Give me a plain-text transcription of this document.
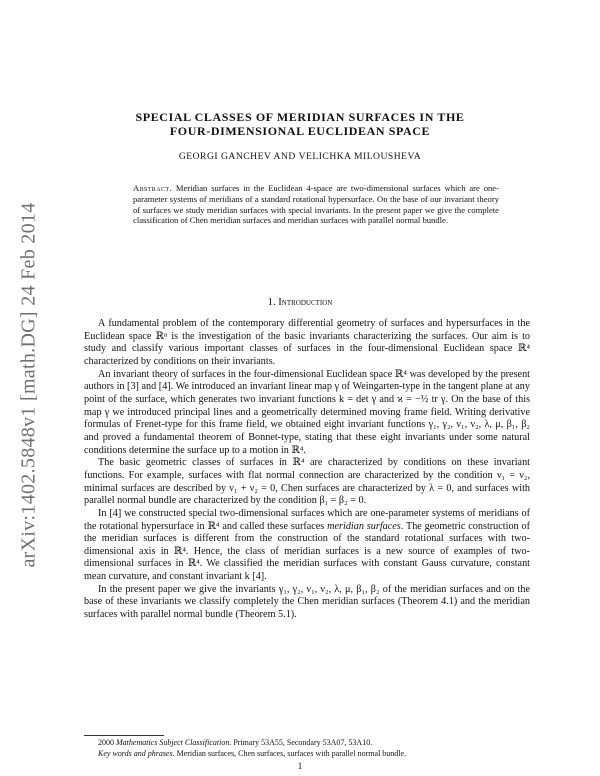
arXiv:1402.5848v1 [math.DG] 24 Feb 2014
SPECIAL CLASSES OF MERIDIAN SURFACES IN THE
FOUR-DIMENSIONAL EUCLIDEAN SPACE
GEORGI GANCHEV AND VELICHKA MILOUSHEVA
Abstract. Meridian surfaces in the Euclidean 4-space are two-dimensional surfaces which are one-parameter systems of meridians of a standard rotational hypersurface. On the base of our invariant theory of surfaces we study meridian surfaces with special invariants. In the present paper we give the complete classification of Chen meridian surfaces and meridian surfaces with parallel normal bundle.
1. Introduction

A fundamental problem of the contemporary differential geometry of surfaces and hypersurfaces in the Euclidean space ℝⁿ is the investigation of the basic invariants characterizing the surfaces. Our aim is to study and classify various important classes of surfaces in the four-dimensional Euclidean space ℝ⁴ characterized by conditions on their invariants.

An invariant theory of surfaces in the four-dimensional Euclidean space ℝ⁴ was developed by the present authors in [3] and [4]. We introduced an invariant linear map γ of Weingarten-type in the tangent plane at any point of the surface, which generates two invariant functions k = det γ and ϰ = −½ tr γ. On the base of this map γ we introduced principal lines and a geometrically determined moving frame field. Writing derivative formulas of Frenet-type for this frame field, we obtained eight invariant functions γ₁, γ₂, ν₁, ν₂, λ, μ, β₁, β₂ and proved a fundamental theorem of Bonnet-type, stating that these eight invariants under some natural conditions determine the surface up to a motion in ℝ⁴.

The basic geometric classes of surfaces in ℝ⁴ are characterized by conditions on these invariant functions. For example, surfaces with flat normal connection are characterized by the condition ν₁ = ν₂, minimal surfaces are described by ν₁ + ν₂ = 0, Chen surfaces are characterized by λ = 0, and surfaces with parallel normal bundle are characterized by the condition β₁ = β₂ = 0.

In [4] we constructed special two-dimensional surfaces which are one-parameter systems of meridians of the rotational hypersurface in ℝ⁴ and called these surfaces meridian surfaces. The geometric construction of the meridian surfaces is different from the construction of the standard rotational surfaces with two-dimensional axis in ℝ⁴. Hence, the class of meridian surfaces is a new source of examples of two-dimensional surfaces in ℝ⁴. We classified the meridian surfaces with constant Gauss curvature, constant mean curvature, and constant invariant k [4].

In the present paper we give the invariants γ₁, γ₂, ν₁, ν₂, λ, μ, β₁, β₂ of the meridian surfaces and on the base of these invariants we classify completely the Chen meridian surfaces (Theorem 4.1) and the meridian surfaces with parallel normal bundle (Theorem 5.1).

2000 Mathematics Subject Classification. Primary 53A55, Secondary 53A07, 53A10.

Key words and phrases. Meridian surfaces, Chen surfaces, surfaces with parallel normal bundle.

1
